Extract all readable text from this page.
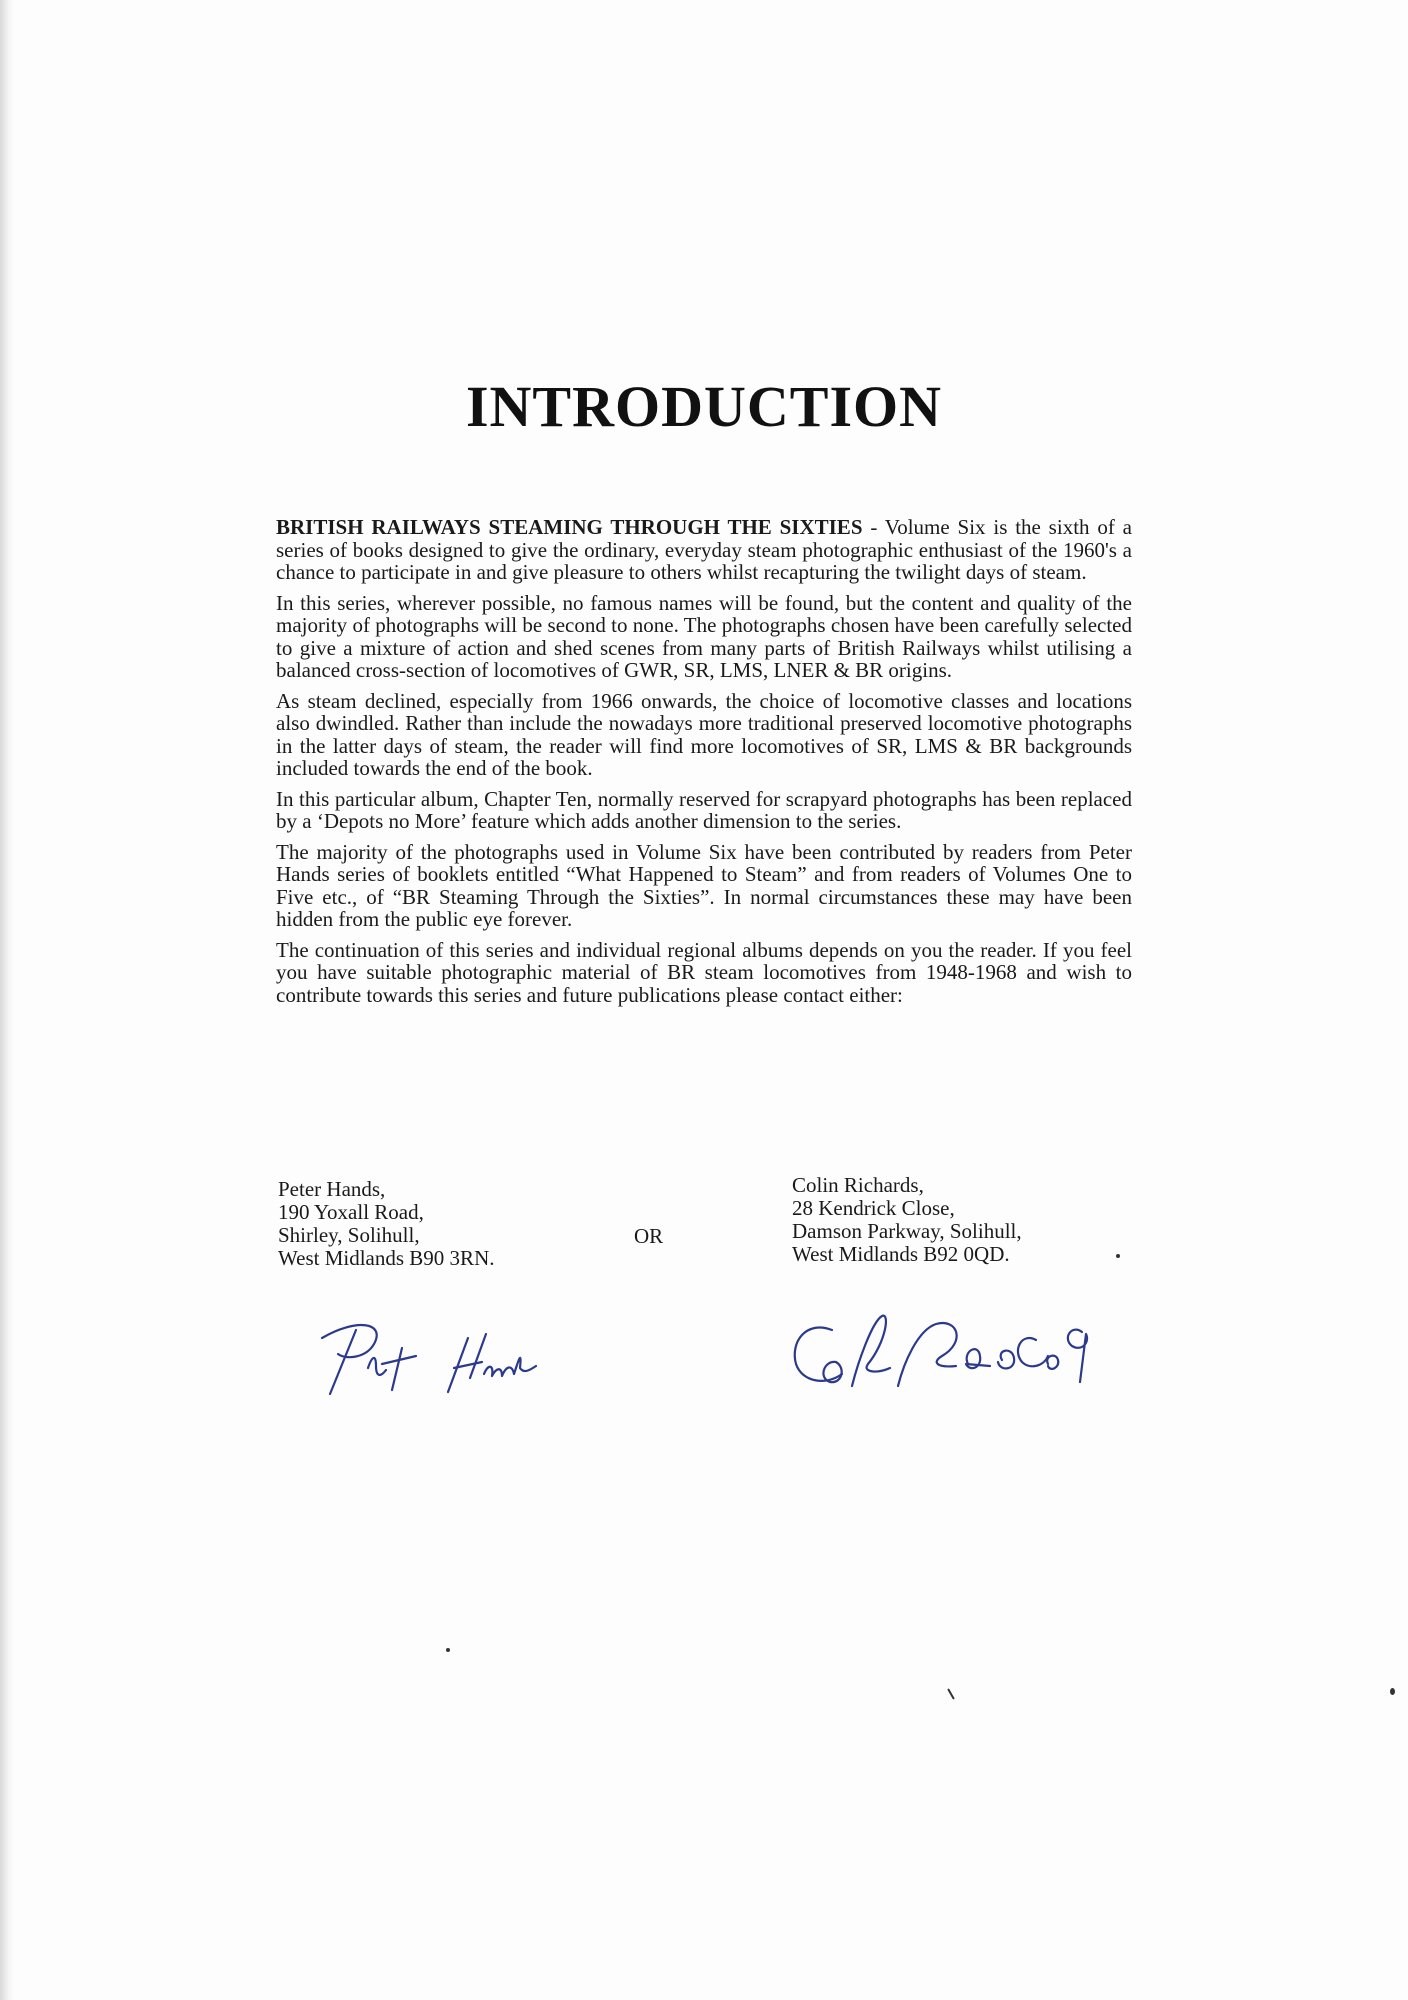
INTRODUCTION

BRITISH RAILWAYS STEAMING THROUGH THE SIXTIES - Volume Six is the sixth of a series of books designed to give the ordinary, everyday steam photographic enthusiast of the 1960's a chance to participate in and give pleasure to others whilst recapturing the twilight days of steam.

In this series, wherever possible, no famous names will be found, but the content and quality of the majority of photographs will be second to none. The photographs chosen have been carefully selected to give a mixture of action and shed scenes from many parts of British Railways whilst utilising a balanced cross-section of locomotives of GWR, SR, LMS, LNER & BR origins.

As steam declined, especially from 1966 onwards, the choice of locomotive classes and locations also dwindled. Rather than include the nowadays more traditional preserved locomotive photographs in the latter days of steam, the reader will find more locomotives of SR, LMS & BR backgrounds included towards the end of the book.

In this particular album, Chapter Ten, normally reserved for scrapyard photographs has been replaced by a ‘Depots no More’ feature which adds another dimension to the series.

The majority of the photographs used in Volume Six have been contributed by readers from Peter Hands series of booklets entitled “What Happened to Steam” and from readers of Volumes One to Five etc., of “BR Steaming Through the Sixties”. In normal circumstances these may have been hidden from the public eye forever.

The continuation of this series and individual regional albums depends on you the reader. If you feel you have suitable photographic material of BR steam locomotives from 1948-1968 and wish to contribute towards this series and future publications please contact either:

Peter Hands,
190 Yoxall Road,
Shirley, Solihull,
West Midlands B90 3RN.
OR
Colin Richards,
28 Kendrick Close,
Damson Parkway, Solihull,
West Midlands B92 0QD.
